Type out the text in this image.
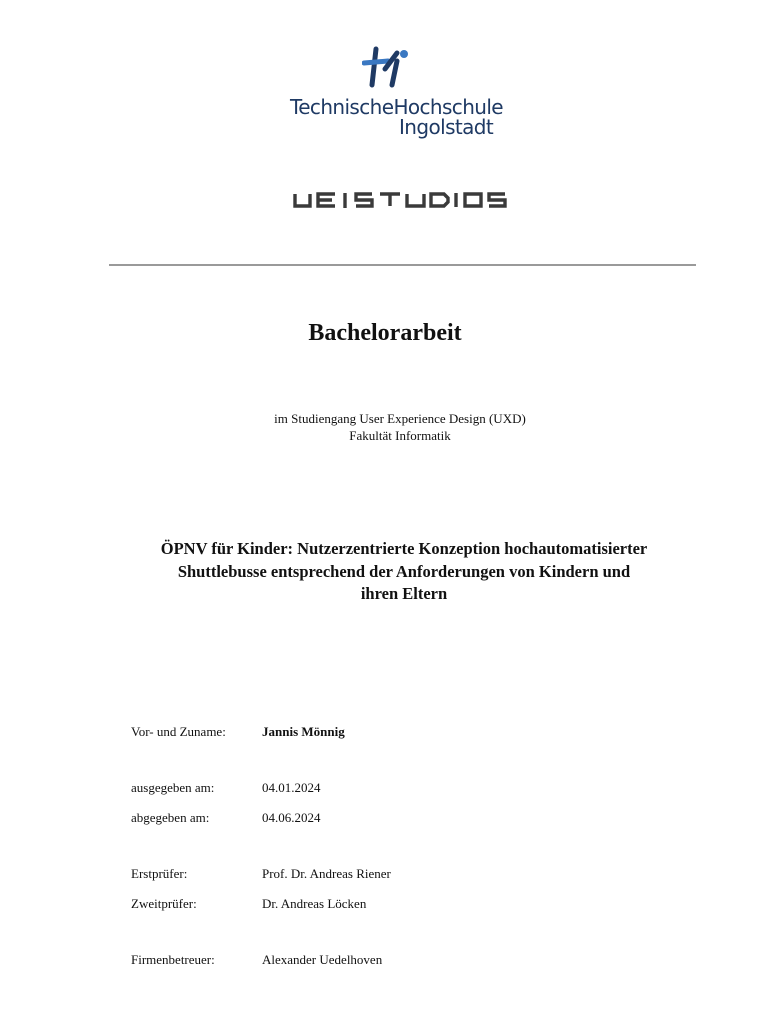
TechnischeHochschule
Ingolstadt
Bachelorarbeit
im Studiengang User Experience Design (UXD)
Fakultät Informatik
ÖPNV für Kinder: Nutzerzentrierte Konzeption hochautomatisierter
Shuttlebusse entsprechend der Anforderungen von Kindern und
ihren Eltern
Vor- und Zuname:	Jannis Mönnig
ausgegeben am:	04.01.2024
abgegeben am:	04.06.2024
Erstprüfer:	Prof. Dr. Andreas Riener
Zweitprüfer:	Dr. Andreas Löcken
Firmenbetreuer:	Alexander Uedelhoven
